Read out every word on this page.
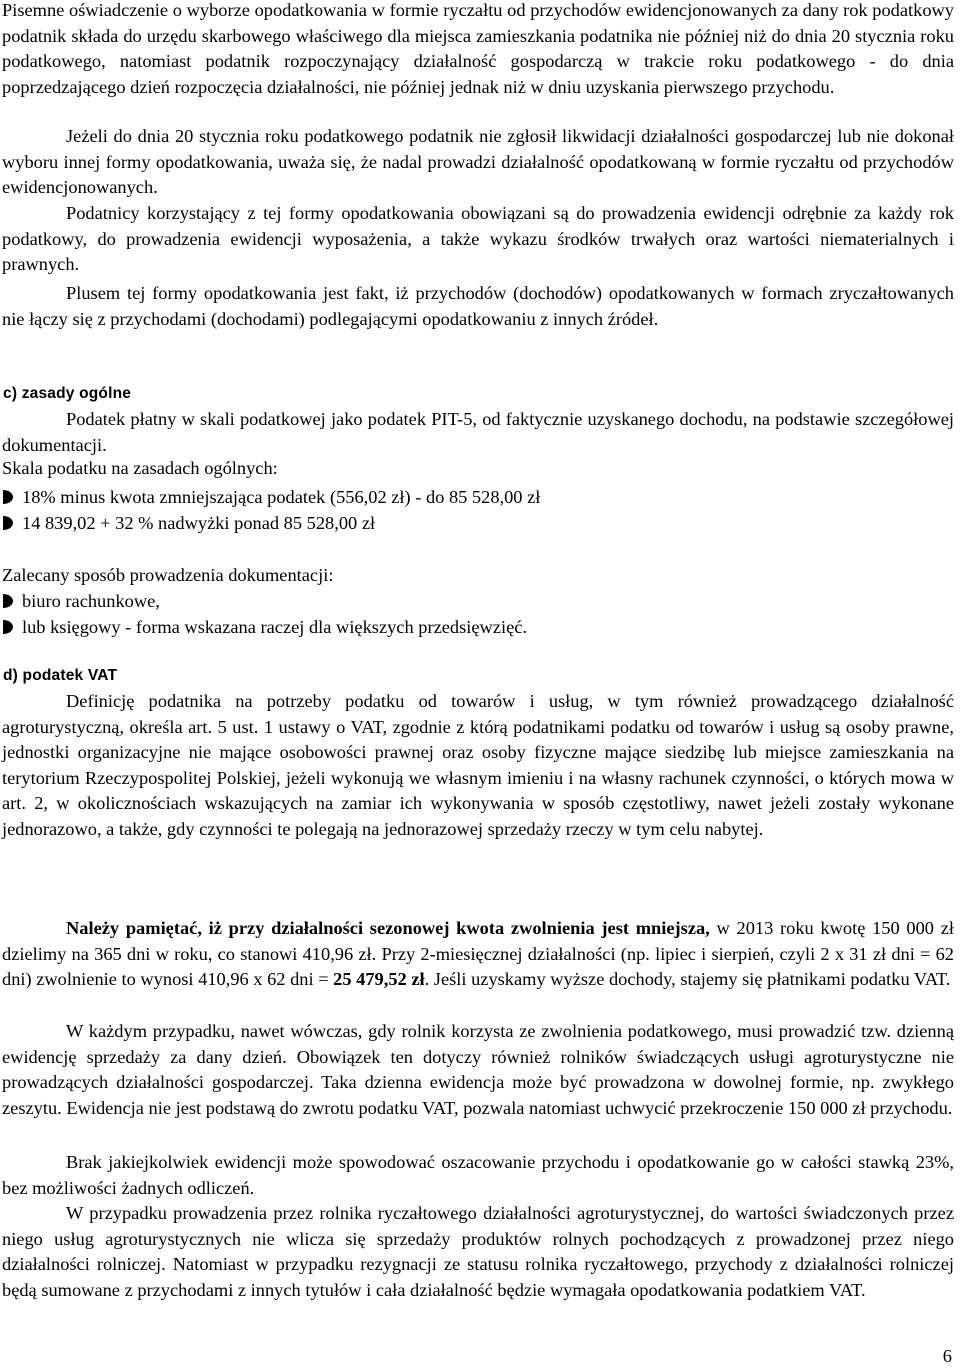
Pisemne oświadczenie o wyborze opodatkowania w formie ryczałtu od przychodów ewidencjonowanych za dany rok podatkowy podatnik składa do urzędu skarbowego właściwego dla miejsca zamieszkania podatnika nie później niż do dnia 20 stycznia roku podatkowego, natomiast podatnik rozpoczynający działalność gospodarczą w trakcie roku podatkowego - do dnia poprzedzającego dzień rozpoczęcia działalności, nie później jednak niż w dniu uzyskania pierwszego przychodu.

Jeżeli do dnia 20 stycznia roku podatkowego podatnik nie zgłosił likwidacji działalności gospodarczej lub nie dokonał wyboru innej formy opodatkowania, uważa się, że nadal prowadzi działalność opodatkowaną w formie ryczałtu od przychodów ewidencjonowanych.

Podatnicy korzystający z tej formy opodatkowania obowiązani są do prowadzenia ewidencji odrębnie za każdy rok podatkowy, do prowadzenia ewidencji wyposażenia, a także wykazu środków trwałych oraz wartości niematerialnych i prawnych.

Plusem tej formy opodatkowania jest fakt, iż przychodów (dochodów) opodatkowanych w formach zryczałtowanych nie łączy się z przychodami (dochodami) podlegającymi opodatkowaniu z innych źródeł.

c) zasady ogólne

Podatek płatny w skali podatkowej jako podatek PIT-5, od faktycznie uzyskanego dochodu, na podstawie szczegółowej dokumentacji.

Skala podatku na zasadach ogólnych:
18% minus kwota zmniejszająca podatek (556,02 zł) - do 85 528,00 zł
14 839,02 + 32 % nadwyżki ponad 85 528,00 zł
Zalecany sposób prowadzenia dokumentacji:
biuro rachunkowe,
lub księgowy - forma wskazana raczej dla większych przedsięwzięć.
d) podatek VAT

Definicję podatnika na potrzeby podatku od towarów i usług, w tym również prowadzącego działalność agroturystyczną, określa art. 5 ust. 1 ustawy o VAT, zgodnie z którą podatnikami podatku od towarów i usług są osoby prawne, jednostki organizacyjne nie mające osobowości prawnej oraz osoby fizyczne mające siedzibę lub miejsce zamieszkania na terytorium Rzeczypospolitej Polskiej, jeżeli wykonują we własnym imieniu i na własny rachunek czynności, o których mowa w art. 2, w okolicznościach wskazujących na zamiar ich wykonywania w sposób częstotliwy, nawet jeżeli zostały wykonane jednorazowo, a także, gdy czynności te polegają na jednorazowej sprzedaży rzeczy w tym celu nabytej.

Należy pamiętać, iż przy działalności sezonowej kwota zwolnienia jest mniejsza, w 2013 roku kwotę 150 000 zł dzielimy na 365 dni w roku, co stanowi 410,96 zł. Przy 2-miesięcznej działalności (np. lipiec i sierpień, czyli 2 x 31 zł dni = 62 dni) zwolnienie to wynosi 410,96 x 62 dni = 25 479,52 zł. Jeśli uzyskamy wyższe dochody, stajemy się płatnikami podatku VAT.

W każdym przypadku, nawet wówczas, gdy rolnik korzysta ze zwolnienia podatkowego, musi prowadzić tzw. dzienną ewidencję sprzedaży za dany dzień. Obowiązek ten dotyczy również rolników świadczących usługi agroturystyczne nie prowadzących działalności gospodarczej. Taka dzienna ewidencja może być prowadzona w dowolnej formie, np. zwykłego zeszytu. Ewidencja nie jest podstawą do zwrotu podatku VAT, pozwala natomiast uchwycić przekroczenie 150 000 zł przychodu.

Brak jakiejkolwiek ewidencji może spowodować oszacowanie przychodu i opodatkowanie go w całości stawką 23%, bez możliwości żadnych odliczeń.

W przypadku prowadzenia przez rolnika ryczałtowego działalności agroturystycznej, do wartości świadczonych przez niego usług agroturystycznych nie wlicza się sprzedaży produktów rolnych pochodzących z prowadzonej przez niego działalności rolniczej. Natomiast w przypadku rezygnacji ze statusu rolnika ryczałtowego, przychody z działalności rolniczej będą sumowane z przychodami z innych tytułów i cała działalność będzie wymagała opodatkowania podatkiem VAT.

6
